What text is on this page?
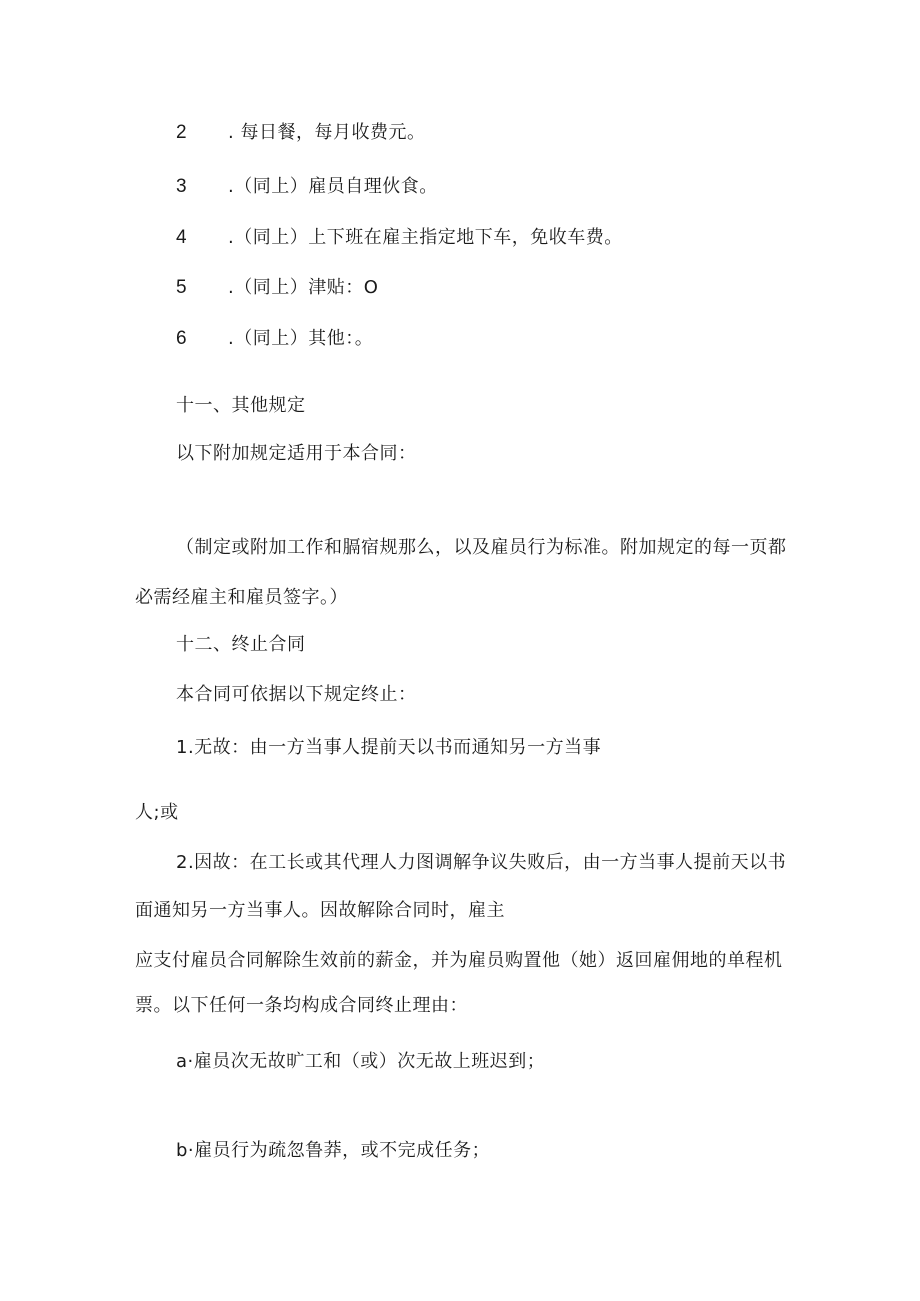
2 . 每日餐，每月收费元。
3 .（同上）雇员自理伙食。
4 .（同上）上下班在雇主指定地下车，免收车费。
5 .（同上）津贴：O
6 .（同上）其他：。
十一、其他规定
以下附加规定适用于本合同：
（制定或附加工作和膈宿规那么，以及雇员行为标准。附加规定的每一页都
必需经雇主和雇员签字。）
十二、终止合同
本合同可依据以下规定终止：
1.无故：由一方当事人提前天以书而通知另一方当事
人;或
2.因故：在工长或其代理人力图调解争议失败后，由一方当事人提前天以书
面通知另一方当事人。因故解除合同时，雇主
应支付雇员合同解除生效前的薪金，并为雇员购置他（她）返回雇佣地的单程机
票。以下任何一条均构成合同终止理由：
a·雇员次无故旷工和（或）次无故上班迟到；
b·雇员行为疏忽鲁莽，或不完成任务；
